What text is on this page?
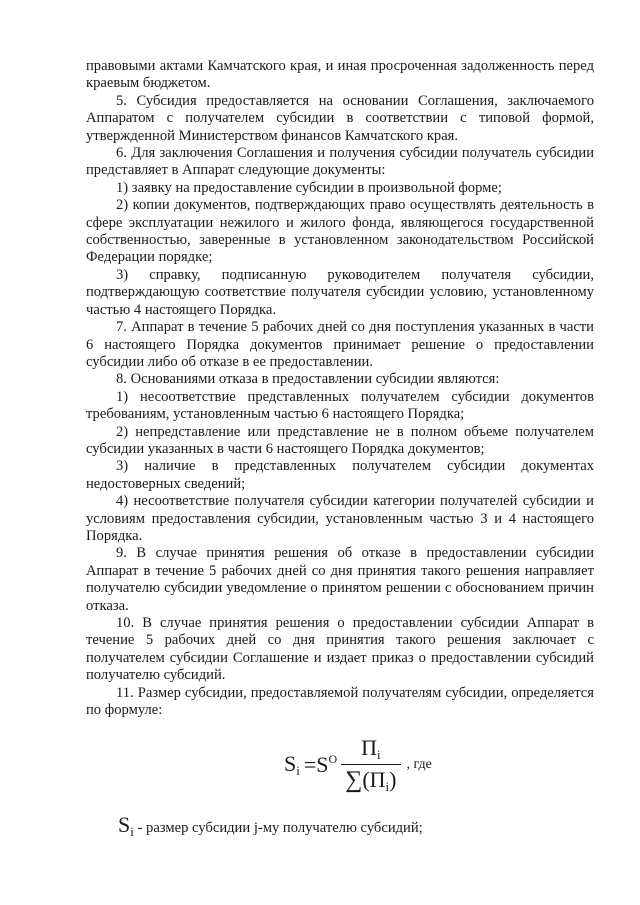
правовыми актами Камчатского края, и иная просроченная задолженность перед краевым бюджетом.

5. Субсидия предоставляется на основании Соглашения, заключаемого Аппаратом с получателем субсидии в соответствии с типовой формой, утвержденной Министерством финансов Камчатского края.

6. Для заключения Соглашения и получения субсидии получатель субсидии представляет в Аппарат следующие документы:

1) заявку на предоставление субсидии в произвольной форме;

2) копии документов, подтверждающих право осуществлять деятельность в сфере эксплуатации нежилого и жилого фонда, являющегося государственной собственностью, заверенные в установленном законодательством Российской Федерации порядке;

3) справку, подписанную руководителем получателя субсидии, подтверждающую соответствие получателя субсидии условию, установленному частью 4 настоящего Порядка.

7. Аппарат в течение 5 рабочих дней со дня поступления указанных в части 6 настоящего Порядка документов принимает решение о предоставлении субсидии либо об отказе в ее предоставлении.

8. Основаниями отказа в предоставлении субсидии являются:

1) несоответствие представленных получателем субсидии документов требованиям, установленным частью 6 настоящего Порядка;

2) непредставление или представление не в полном объеме получателем субсидии указанных в части 6 настоящего Порядка документов;

3) наличие в представленных получателем субсидии документах недостоверных сведений;

4) несоответствие получателя субсидии категории получателей субсидии и условиям предоставления субсидии, установленным частью 3 и 4 настоящего Порядка.

9. В случае принятия решения об отказе в предоставлении субсидии Аппарат в течение 5 рабочих дней со дня принятия такого решения направляет получателю субсидии уведомление о принятом решении с обоснованием причин отказа.

10. В случае принятия решения о предоставлении субсидии Аппарат в течение 5 рабочих дней со дня принятия такого решения заключает с получателем субсидии Соглашение и издает приказ о предоставлении субсидий получателю субсидий.

11. Размер субсидии, предоставляемой получателям субсидии, определяется по формуле:

$S_i = S^O \frac{П_i}{\sum(П_i)}$ , где
Si - размер субсидии j-му получателю субсидий;
